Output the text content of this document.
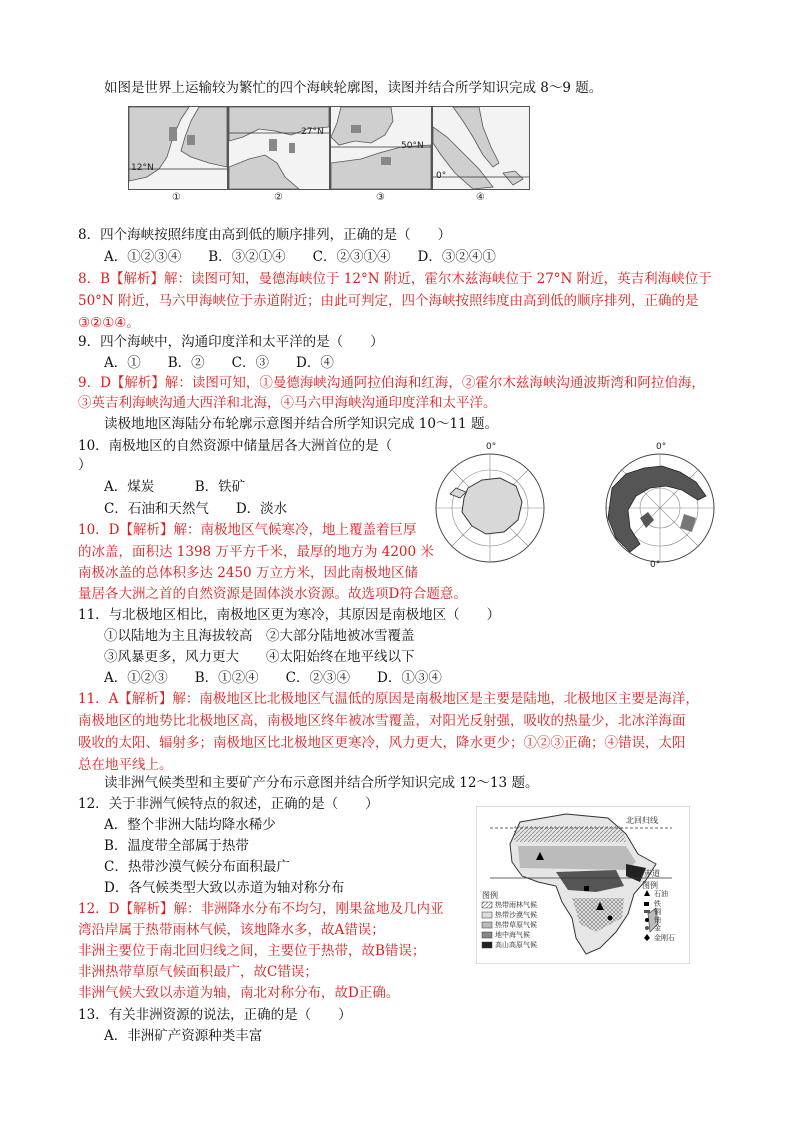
如图是世界上运输较为繁忙的四个海峡轮廓图，读图并结合所学知识完成 8～9 题。
12°N
27°N
50°N
0°
①	②	③	④
8．四个海峡按照纬度由高到低的顺序排列，正确的是（　　）
A．①②③④　　B．③②①④　　C．②③①④　　D．③②④①
8．B【解析】解：读图可知，曼德海峡位于 12°N 附近，霍尔木兹海峡位于 27°N 附近，英吉利海峡位于
50°N 附近，马六甲海峡位于赤道附近；由此可判定，四个海峡按照纬度由高到低的顺序排列，正确的是
③②①④。
9．四个海峡中，沟通印度洋和太平洋的是（　　）
A．①　　B．②　　C．③　　D．④
9．D【解析】解：读图可知，①曼德海峡沟通阿拉伯海和红海，②霍尔木兹海峡沟通波斯湾和阿拉伯海，
③英吉利海峡沟通大西洋和北海，④马六甲海峡沟通印度洋和太平洋。
读极地地区海陆分布轮廓示意图并结合所学知识完成 10～11 题。
10．南极地区的自然资源中储量居各大洲首位的是（
）
A．煤炭　　　B．铁矿
C．石油和天然气　　D．淡水
0°	0°
0°
10．D【解析】解：南极地区气候寒冷，地上覆盖着巨厚
的冰盖，面积达 1398 万平方千米，最厚的地方为 4200 米
南极冰盖的总体积多达 2450 万立方米，因此南极地区储
量居各大洲之首的自然资源是固体淡水资源。故选项D符合题意。
11．与北极地区相比，南极地区更为寒冷，其原因是南极地区（　　）
①以陆地为主且海拔较高　②大部分陆地被冰雪覆盖
③风暴更多，风力更大　　④太阳始终在地平线以下
A．①②③　　B．①②④　　C．②③④　　D．①③④
11．A【解析】解：南极地区比北极地区气温低的原因是南极地区是主要是陆地，北极地区主要是海洋，
南极地区的地势比北极地区高，南极地区终年被冰雪覆盖，对阳光反射强，吸收的热量少，北冰洋海面
吸收的太阳、辐射多；南极地区比北极地区更寒冷，风力更大，降水更少；①②③正确；④错误，太阳
总在地平线上。
读非洲气候类型和主要矿产分布示意图并结合所学知识完成 12～13 题。
12．关于非洲气候特点的叙述，正确的是（　　）
A．整个非洲大陆均降水稀少
B．温度带全部属于热带
C．热带沙漠气候分布面积最广
D．各气候类型大致以赤道为轴对称分布
北回归线
赤道
图例
热带雨林气候
热带沙漠气候
热带草原气候
地中海气候
高山高原气候
图例
石油
铁
铜
铀
金
金刚石
12．D【解析】解：非洲降水分布不均匀，刚果盆地及几内亚
湾沿岸属于热带雨林气候，该地降水多，故A错误；
非洲主要位于南北回归线之间，主要位于热带，故B错误；
非洲热带草原气候面积最广，故C错误；
非洲气候大致以赤道为轴，南北对称分布，故D正确。
13．有关非洲资源的说法，正确的是（　　）
A．非洲矿产资源种类丰富
